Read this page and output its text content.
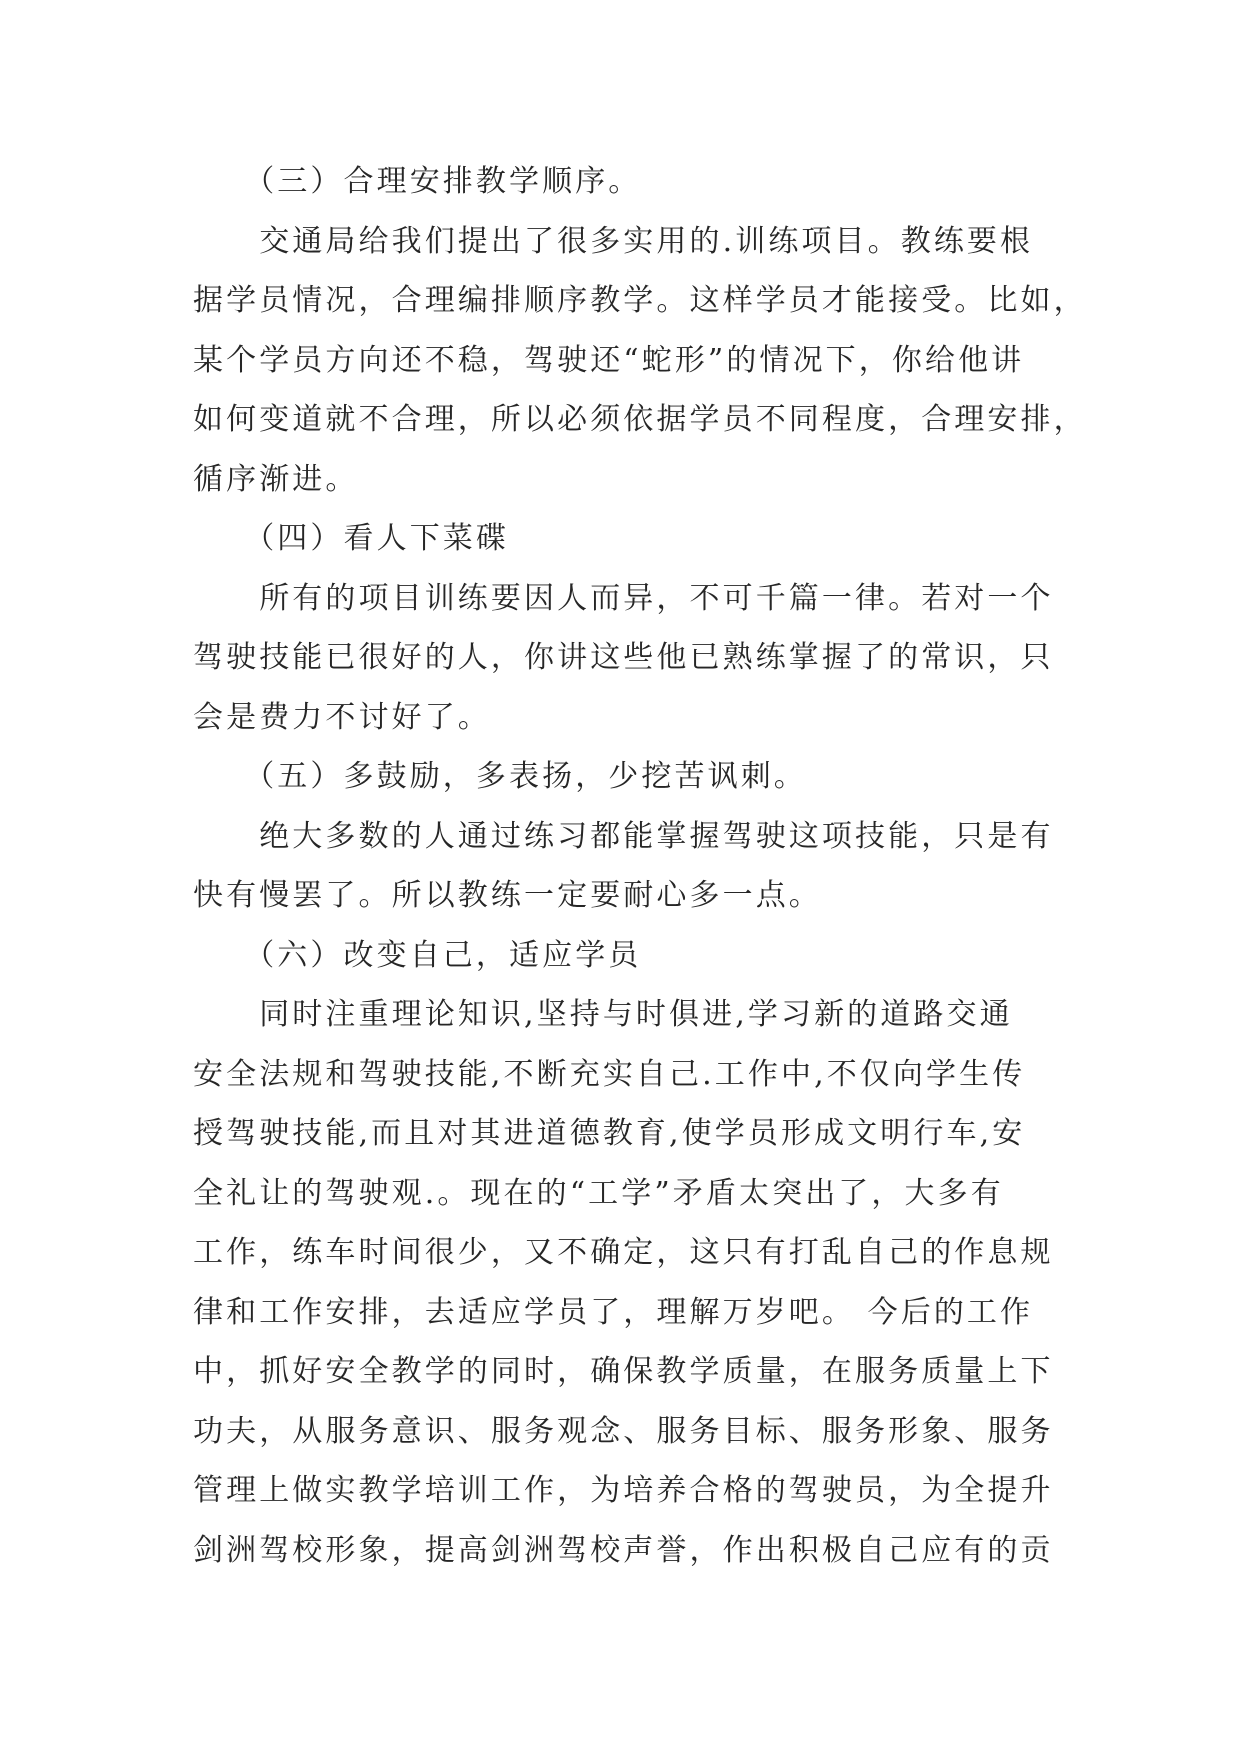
　　（三）合理安排教学顺序。
　　交通局给我们提出了很多实用的.训练项目。教练要根
据学员情况，合理编排顺序教学。这样学员才能接受。比如，
某个学员方向还不稳，驾驶还“蛇形”的情况下，你给他讲
如何变道就不合理，所以必须依据学员不同程度，合理安排，
循序渐进。
　　（四）看人下菜碟
　　所有的项目训练要因人而异，不可千篇一律。若对一个
驾驶技能已很好的人，你讲这些他已熟练掌握了的常识，只
会是费力不讨好了。
　　（五）多鼓励，多表扬，少挖苦讽刺。
　　绝大多数的人通过练习都能掌握驾驶这项技能，只是有
快有慢罢了。所以教练一定要耐心多一点。
　　（六）改变自己，适应学员
　　同时注重理论知识,坚持与时俱进,学习新的道路交通
安全法规和驾驶技能,不断充实自己.工作中,不仅向学生传
授驾驶技能,而且对其进道德教育,使学员形成文明行车,安
全礼让的驾驶观.。现在的“工学”矛盾太突出了，大多有
工作，练车时间很少，又不确定，这只有打乱自己的作息规
律和工作安排，去适应学员了，理解万岁吧。 今后的工作
中，抓好安全教学的同时，确保教学质量，在服务质量上下
功夫，从服务意识、服务观念、服务目标、服务形象、服务
管理上做实教学培训工作，为培养合格的驾驶员，为全提升
剑洲驾校形象，提高剑洲驾校声誉，作出积极自己应有的贡
